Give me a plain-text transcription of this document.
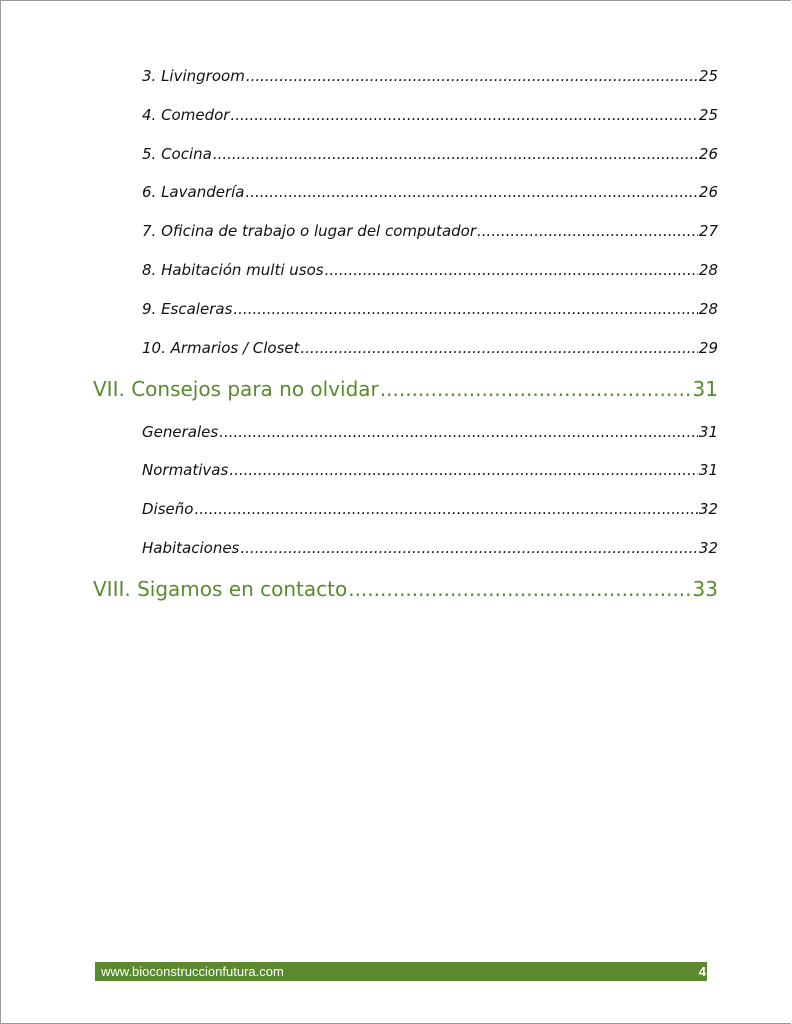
3. Livingroom .....	25
4. Comedor .....	25
5. Cocina .....	26
6. Lavandería .....	26
7. Oficina de trabajo o lugar del computador .....	27
8. Habitación multi usos .....	28
9. Escaleras .....	28
10. Armarios / Closet .....	29
VII. Consejos para no olvidar .....	31
Generales .....	31
Normativas .....	31
Diseño .....	32
Habitaciones .....	32
VIII. Sigamos en contacto .....	33
www.bioconstruccionfutura.com	4
